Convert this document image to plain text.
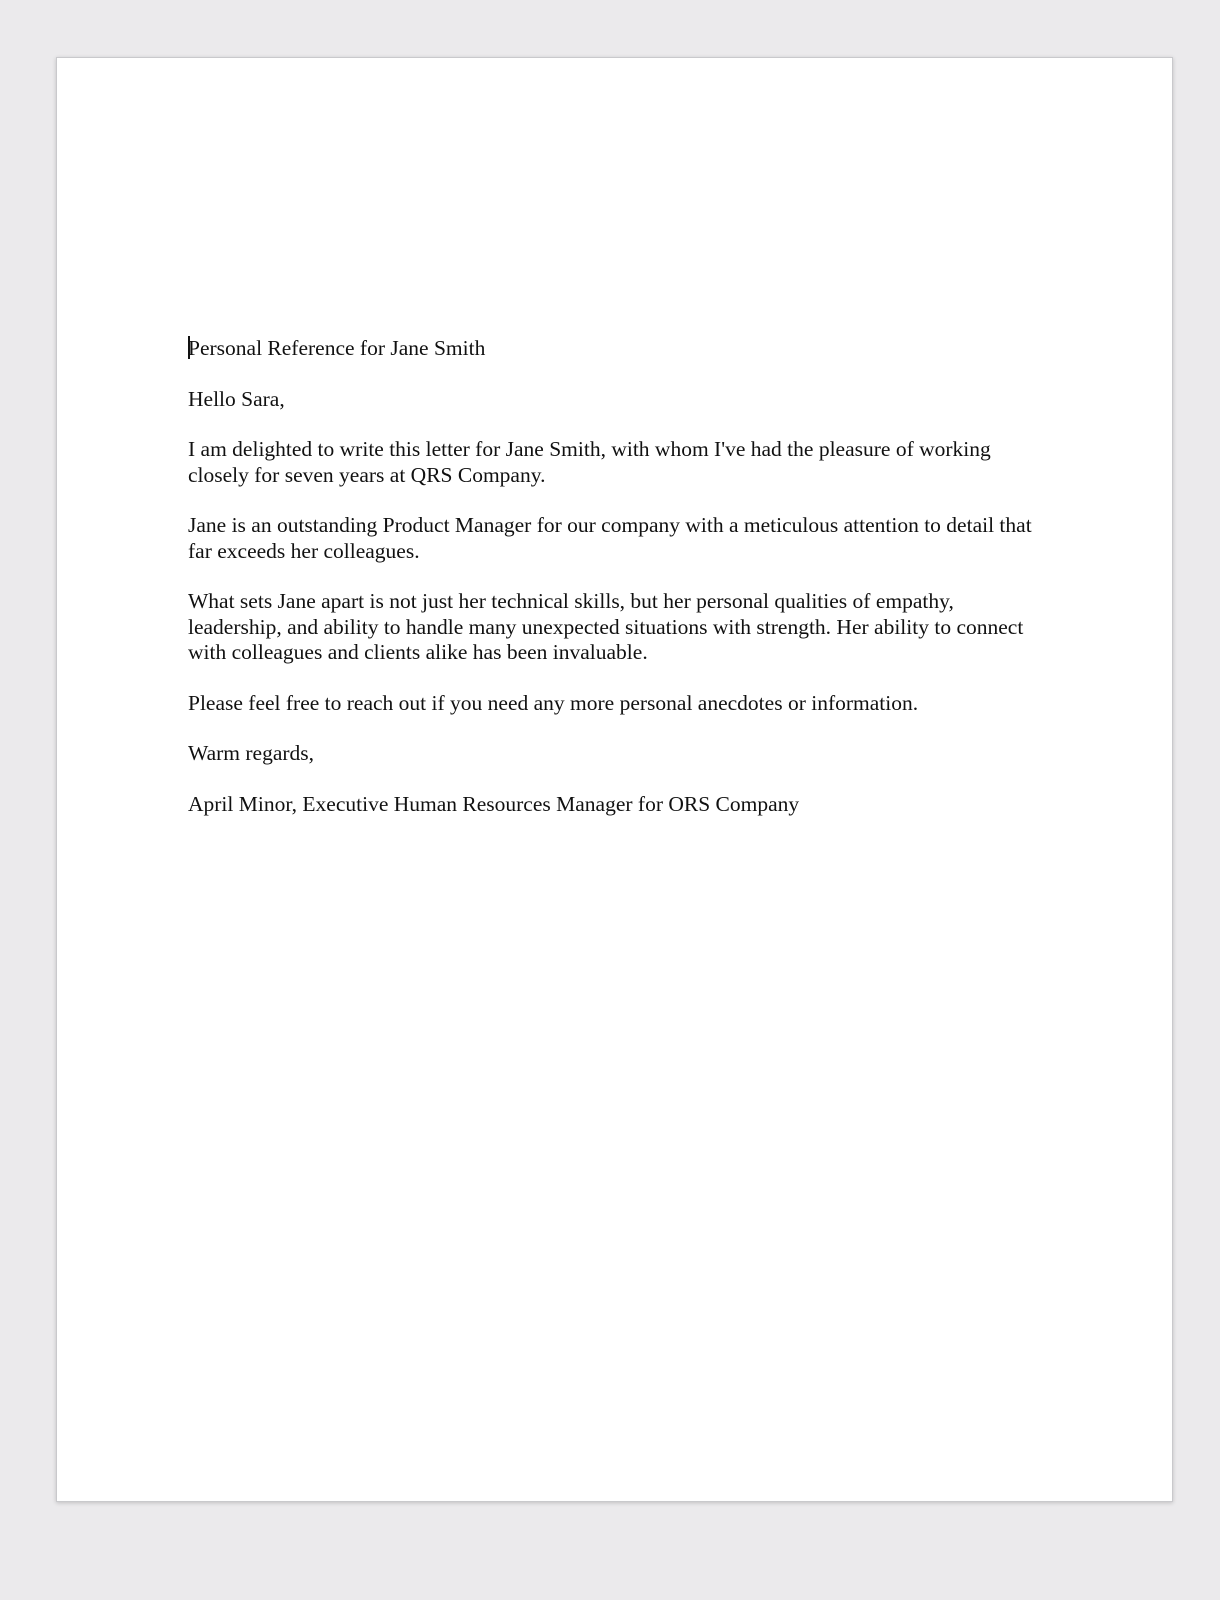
Personal Reference for Jane Smith

Hello Sara,

I am delighted to write this letter for Jane Smith, with whom I've had the pleasure of working closely for seven years at QRS Company.

Jane is an outstanding Product Manager for our company with a meticulous attention to detail that far exceeds her colleagues.

What sets Jane apart is not just her technical skills, but her personal qualities of empathy, leadership, and ability to handle many unexpected situations with strength. Her ability to connect with colleagues and clients alike has been invaluable.

Please feel free to reach out if you need any more personal anecdotes or information.

Warm regards,

April Minor, Executive Human Resources Manager for ORS Company
